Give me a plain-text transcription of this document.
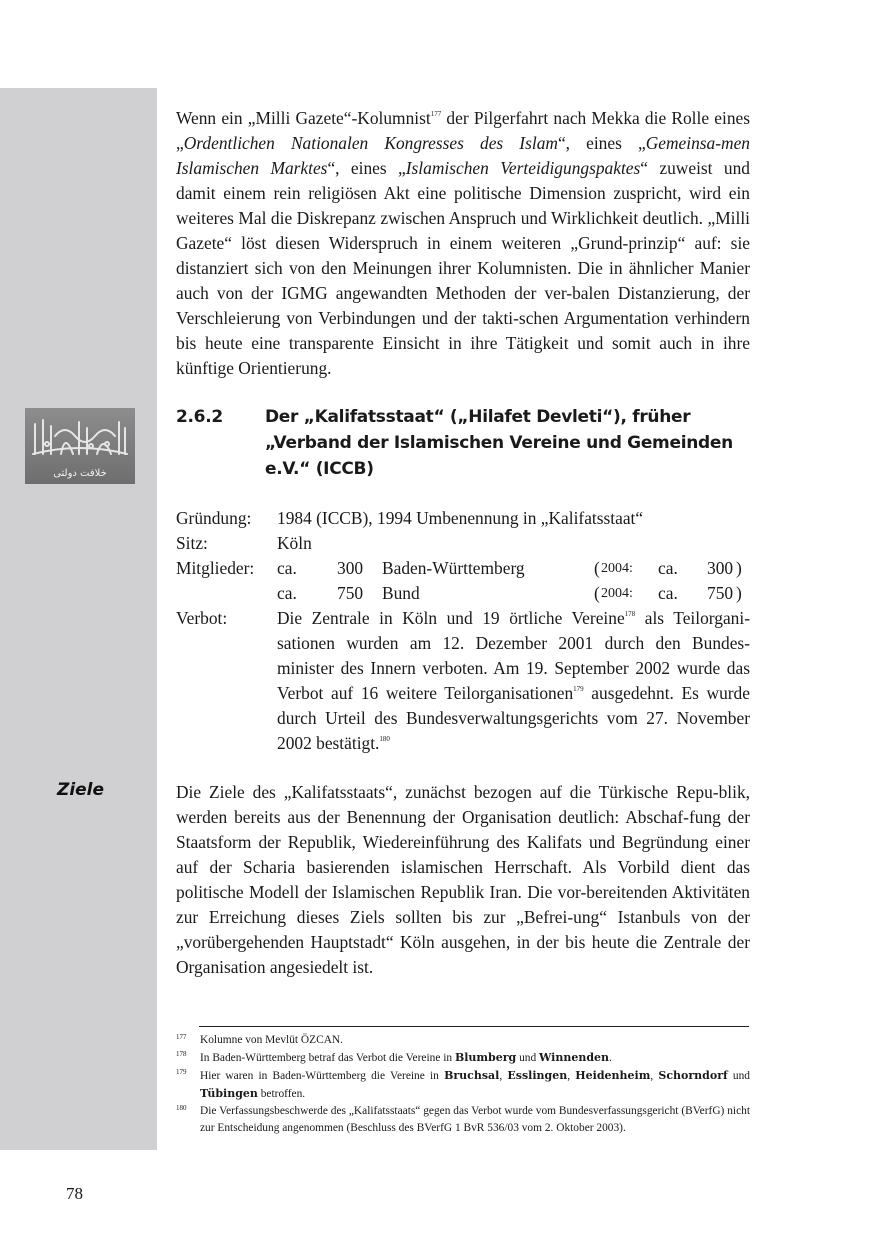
خلافت دولتى
Ziele

Wenn ein „Milli Gazete“-Kolumnist$^{177}$ der Pilgerfahrt nach Mekka die Rolle eines „Ordentlichen Nationalen Kongresses des Islam“, eines „Gemeinsa-men Islamischen Marktes“, eines „Islamischen Verteidigungspaktes“ zuweist und damit einem rein religiösen Akt eine politische Dimension zuspricht, wird ein weiteres Mal die Diskrepanz zwischen Anspruch und Wirklichkeit deutlich. „Milli Gazete“ löst diesen Widerspruch in einem weiteren „Grund-prinzip“ auf: sie distanziert sich von den Meinungen ihrer Kolumnisten. Die in ähnlicher Manier auch von der IGMG angewandten Methoden der ver-balen Distanzierung, der Verschleierung von Verbindungen und der takti-schen Argumentation verhindern bis heute eine transparente Einsicht in ihre Tätigkeit und somit auch in ihre künftige Orientierung.

2.6.2 Der „Kalifatsstaat“ („Hilafet Devleti“), früher „Verband der Islamischen Vereine und Gemeinden e.V.“ (ICCB)
Gründung: 1984 (ICCB), 1994 Umbenennung in „Kalifatsstaat“
Sitz:	Köln
Mitglieder: ca. 300 Baden-Württemberg	( 2004: ca. 300 )
ca. 750 Bund	( 2004: ca. 750 )
Verbot:	Die Zentrale in Köln und 19 örtliche Vereine$^{178}$ als Teilorgani-sationen wurden am 12. Dezember 2001 durch den Bundes-minister des Innern verboten. Am 19. September 2002 wurde das Verbot auf 16 weitere Teilorganisationen$^{179}$ ausgedehnt. Es wurde durch Urteil des Bundesverwaltungsgerichts vom 27. November 2002 bestätigt.$^{180}$

Die Ziele des „Kalifatsstaats“, zunächst bezogen auf die Türkische Repu-blik, werden bereits aus der Benennung der Organisation deutlich: Abschaf-fung der Staatsform der Republik, Wiedereinführung des Kalifats und Begründung einer auf der Scharia basierenden islamischen Herrschaft. Als Vorbild dient das politische Modell der Islamischen Republik Iran. Die vor-bereitenden Aktivitäten zur Erreichung dieses Ziels sollten bis zur „Befrei-ung“ Istanbuls von der „vorübergehenden Hauptstadt“ Köln ausgehen, in der bis heute die Zentrale der Organisation angesiedelt ist.

177 Kolumne von Mevlüt ÖZCAN.
178 In Baden-Württemberg betraf das Verbot die Vereine in Blumberg und Winnenden.
179 Hier waren in Baden-Württemberg die Vereine in Bruchsal, Esslingen, Heidenheim, Schorndorf und Tübingen betroffen.
180 Die Verfassungsbeschwerde des „Kalifatsstaats“ gegen das Verbot wurde vom Bundesverfassungsgericht (BVerfG) nicht zur Entscheidung angenommen (Beschluss des BVerfG 1 BvR 536/03 vom 2. Oktober 2003).
78
